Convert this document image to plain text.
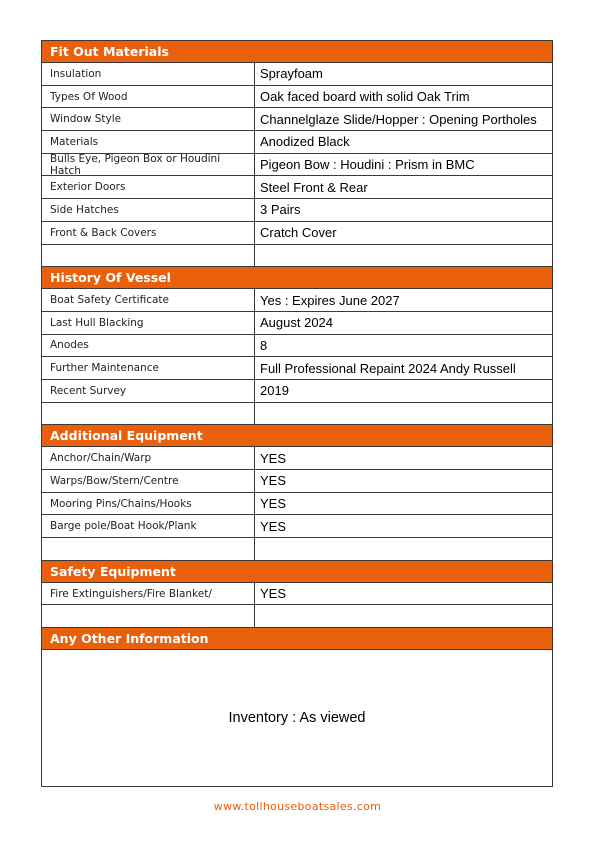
Fit Out Materials
Insulation	Sprayfoam
Types Of Wood	Oak faced board with solid Oak Trim
Window Style	Channelglaze Slide/Hopper : Opening Portholes
Materials	Anodized Black
Bulls Eye, Pigeon Box or Houdini Hatch	Pigeon Bow : Houdini : Prism in BMC
Exterior Doors	Steel Front & Rear
Side Hatches	3 Pairs
Front & Back Covers	Cratch Cover
History Of Vessel
Boat Safety Certificate	Yes : Expires June 2027
Last Hull Blacking	August 2024
Anodes	8
Further Maintenance	Full Professional Repaint 2024 Andy Russell
Recent Survey	2019
Additional Equipment
Anchor/Chain/Warp	YES
Warps/Bow/Stern/Centre	YES
Mooring Pins/Chains/Hooks	YES
Barge pole/Boat Hook/Plank	YES
Safety Equipment
Fire Extinguishers/Fire Blanket/	YES
Any Other Information
Inventory : As viewed
www.tollhouseboatsales.com
